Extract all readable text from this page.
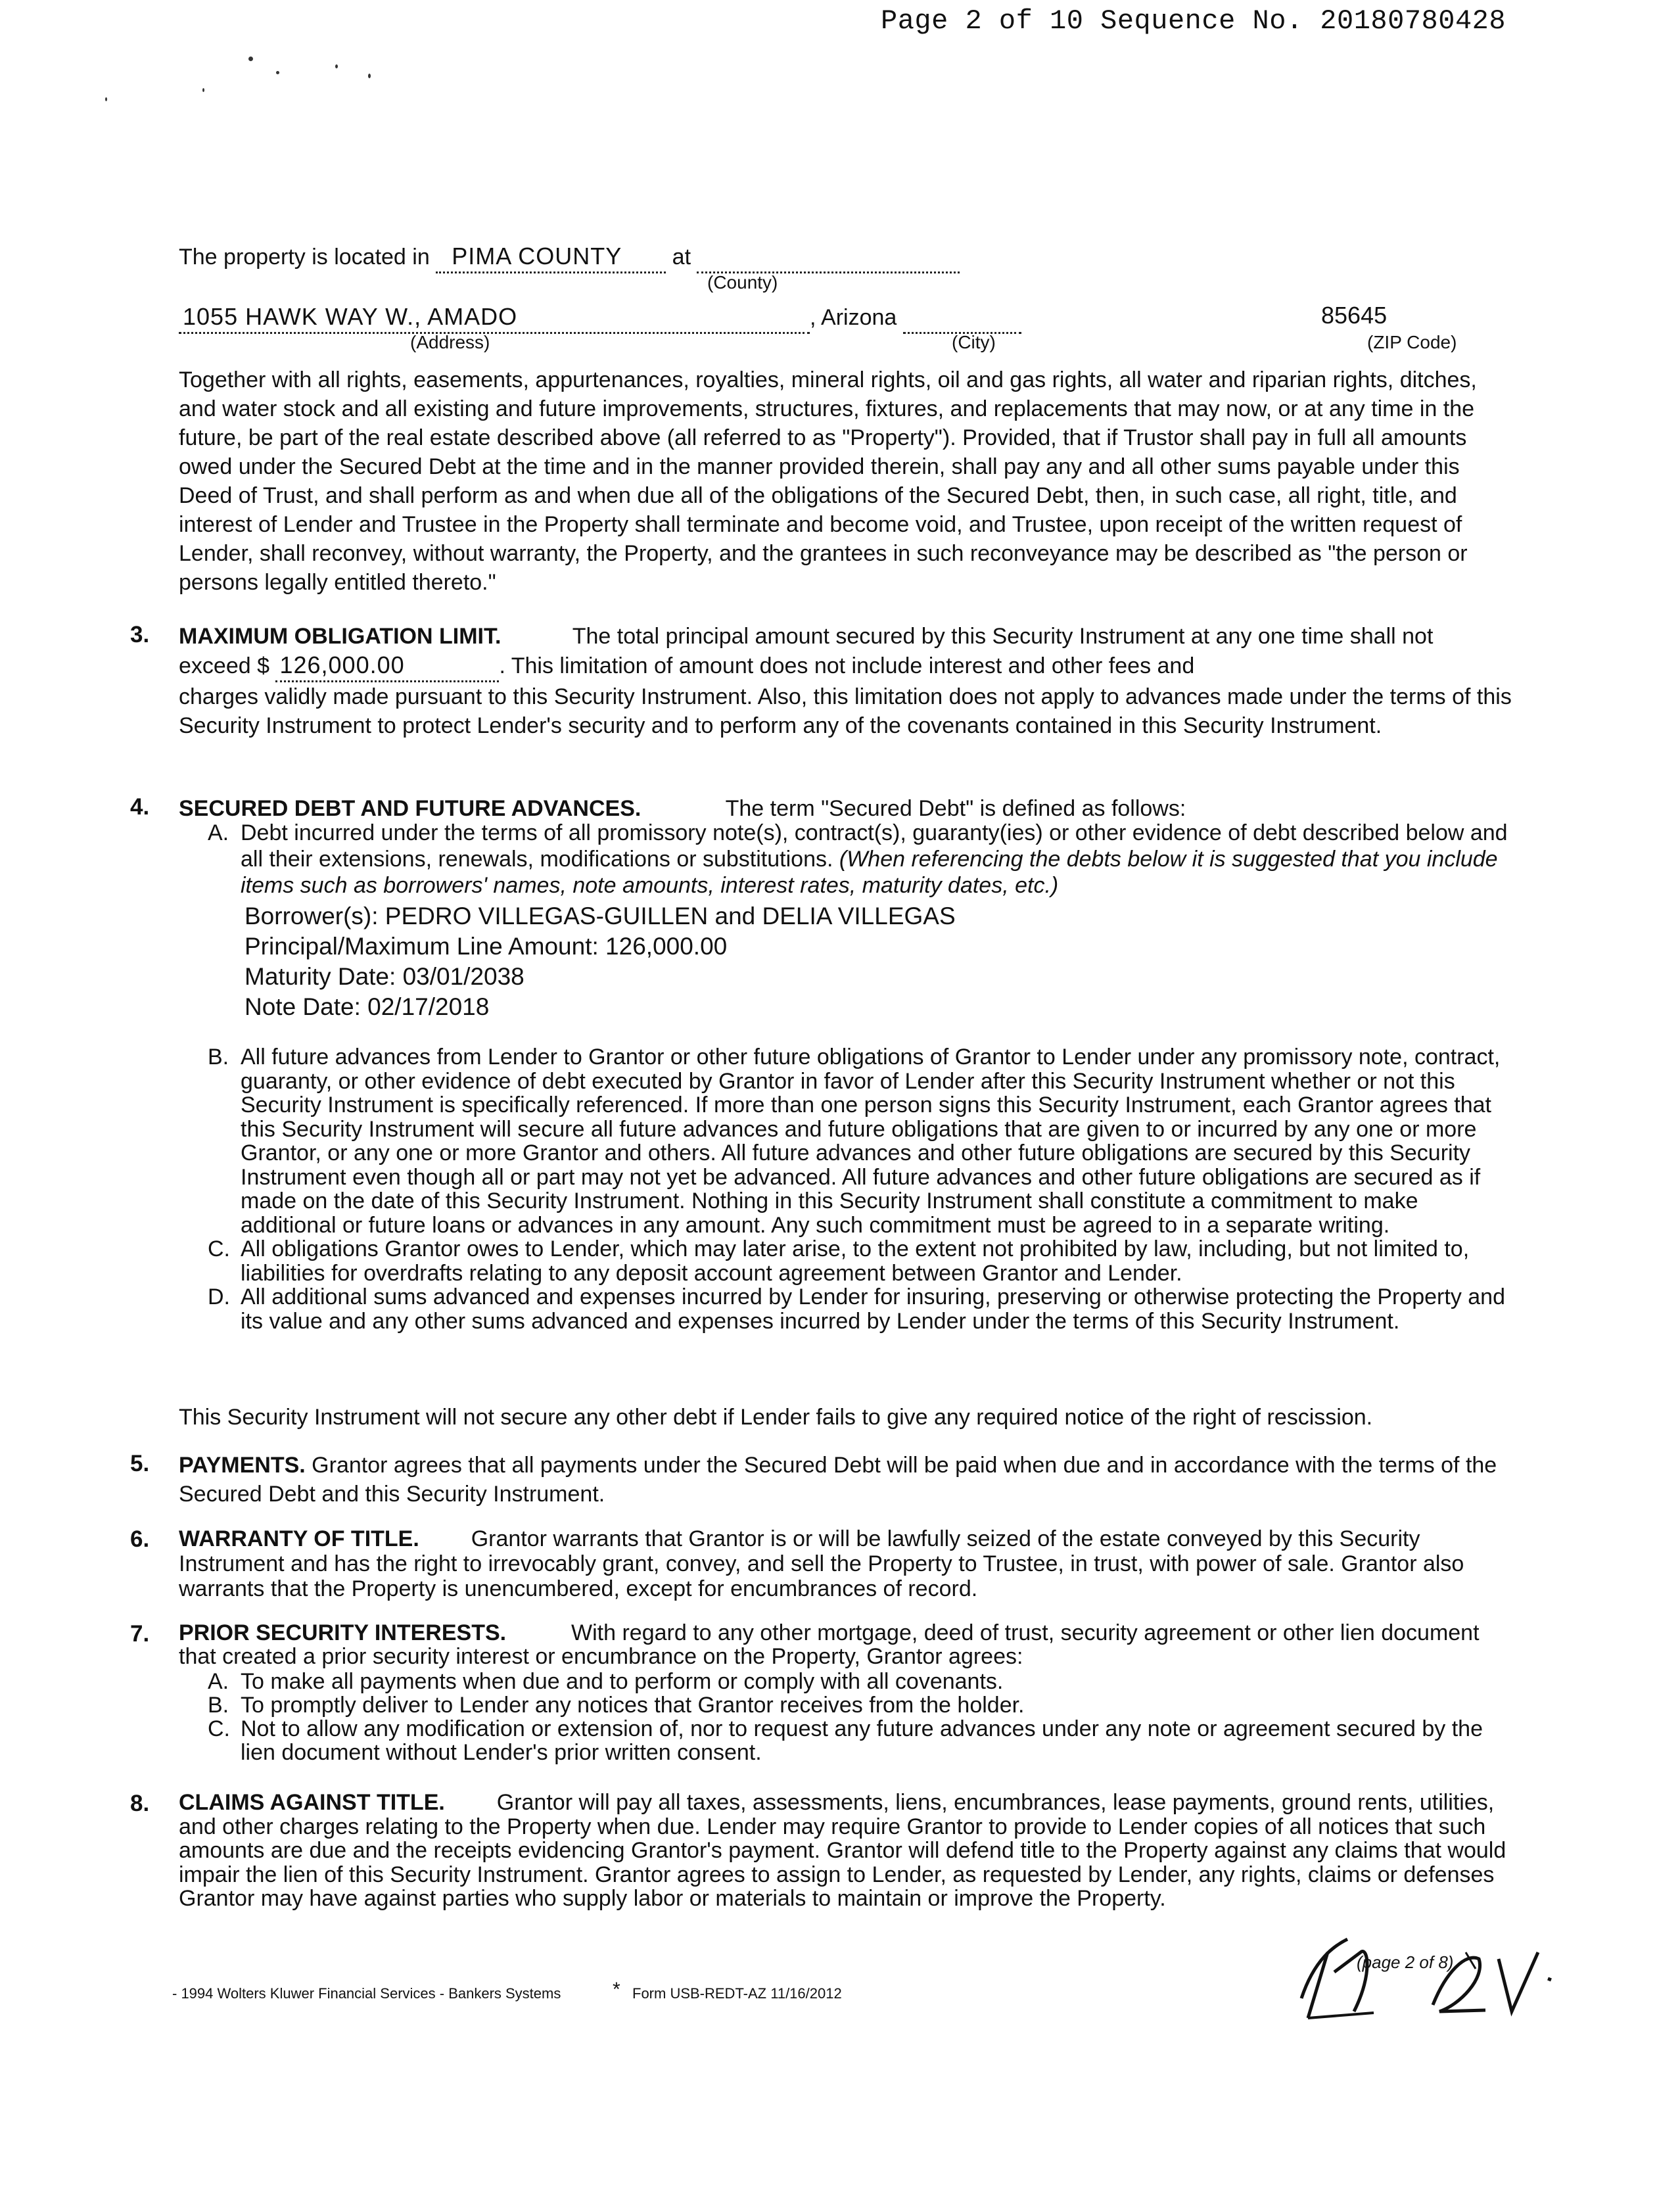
Page 2 of 10 Sequence No. 20180780428
The property is located in PIMA COUNTY at
(County)
1055 HAWK WAY W., AMADO	, Arizona	85645
(Address)	(City)	(ZIP Code)
Together with all rights, easements, appurtenances, royalties, mineral rights, oil and gas rights, all water and riparian rights, ditches, and water stock and all existing and future improvements, structures, fixtures, and replacements that may now, or at any time in the future, be part of the real estate described above (all referred to as "Property"). Provided, that if Trustor shall pay in full all amounts owed under the Secured Debt at the time and in the manner provided therein, shall pay any and all other sums payable under this Deed of Trust, and shall perform as and when due all of the obligations of the Secured Debt, then, in such case, all right, title, and interest of Lender and Trustee in the Property shall terminate and become void, and Trustee, upon receipt of the written request of Lender, shall reconvey, without warranty, the Property, and the grantees in such reconveyance may be described as "the person or persons legally entitled thereto."
3. MAXIMUM OBLIGATION LIMIT.	The total principal amount secured by this Security Instrument at any one time shall not
exceed $ 126,000.00	. This limitation of amount does not include interest and other fees and
charges validly made pursuant to this Security Instrument. Also, this limitation does not apply to advances made under the terms of this Security Instrument to protect Lender's security and to perform any of the covenants contained in this Security Instrument.
4. SECURED DEBT AND FUTURE ADVANCES.	The term "Secured Debt" is defined as follows:
A. Debt incurred under the terms of all promissory note(s), contract(s), guaranty(ies) or other evidence of debt described below and all their extensions, renewals, modifications or substitutions. (When referencing the debts below it is suggested that you include items such as borrowers' names, note amounts, interest rates, maturity dates, etc.)
Borrower(s): PEDRO VILLEGAS-GUILLEN and DELIA VILLEGAS
Principal/Maximum Line Amount: 126,000.00
Maturity Date: 03/01/2038
Note Date: 02/17/2018
B. All future advances from Lender to Grantor or other future obligations of Grantor to Lender under any promissory note, contract, guaranty, or other evidence of debt executed by Grantor in favor of Lender after this Security Instrument whether or not this Security Instrument is specifically referenced. If more than one person signs this Security Instrument, each Grantor agrees that this Security Instrument will secure all future advances and future obligations that are given to or incurred by any one or more Grantor, or any one or more Grantor and others. All future advances and other future obligations are secured by this Security Instrument even though all or part may not yet be advanced. All future advances and other future obligations are secured as if made on the date of this Security Instrument. Nothing in this Security Instrument shall constitute a commitment to make additional or future loans or advances in any amount. Any such commitment must be agreed to in a separate writing.
C. All obligations Grantor owes to Lender, which may later arise, to the extent not prohibited by law, including, but not limited to, liabilities for overdrafts relating to any deposit account agreement between Grantor and Lender.
D. All additional sums advanced and expenses incurred by Lender for insuring, preserving or otherwise protecting the Property and its value and any other sums advanced and expenses incurred by Lender under the terms of this Security Instrument.
This Security Instrument will not secure any other debt if Lender fails to give any required notice of the right of rescission.
5. PAYMENTS. Grantor agrees that all payments under the Secured Debt will be paid when due and in accordance with the terms of the Secured Debt and this Security Instrument.
6. WARRANTY OF TITLE. Grantor warrants that Grantor is or will be lawfully seized of the estate conveyed by this Security Instrument and has the right to irrevocably grant, convey, and sell the Property to Trustee, in trust, with power of sale. Grantor also warrants that the Property is unencumbered, except for encumbrances of record.
7. PRIOR SECURITY INTERESTS.	With regard to any other mortgage, deed of trust, security agreement or other lien document that created a prior security interest or encumbrance on the Property, Grantor agrees:
A. To make all payments when due and to perform or comply with all covenants.
B. To promptly deliver to Lender any notices that Grantor receives from the holder.
C. Not to allow any modification or extension of, nor to request any future advances under any note or agreement secured by the lien document without Lender's prior written consent.
8. CLAIMS AGAINST TITLE. Grantor will pay all taxes, assessments, liens, encumbrances, lease payments, ground rents, utilities, and other charges relating to the Property when due. Lender may require Grantor to provide to Lender copies of all notices that such amounts are due and the receipts evidencing Grantor's payment. Grantor will defend title to the Property against any claims that would impair the lien of this Security Instrument. Grantor agrees to assign to Lender, as requested by Lender, any rights, claims or defenses Grantor may have against parties who supply labor or materials to maintain or improve the Property.
- 1994 Wolters Kluwer Financial Services - Bankers Systems	* Form USB-REDT-AZ 11/16/2012
(page 2 of 8)
